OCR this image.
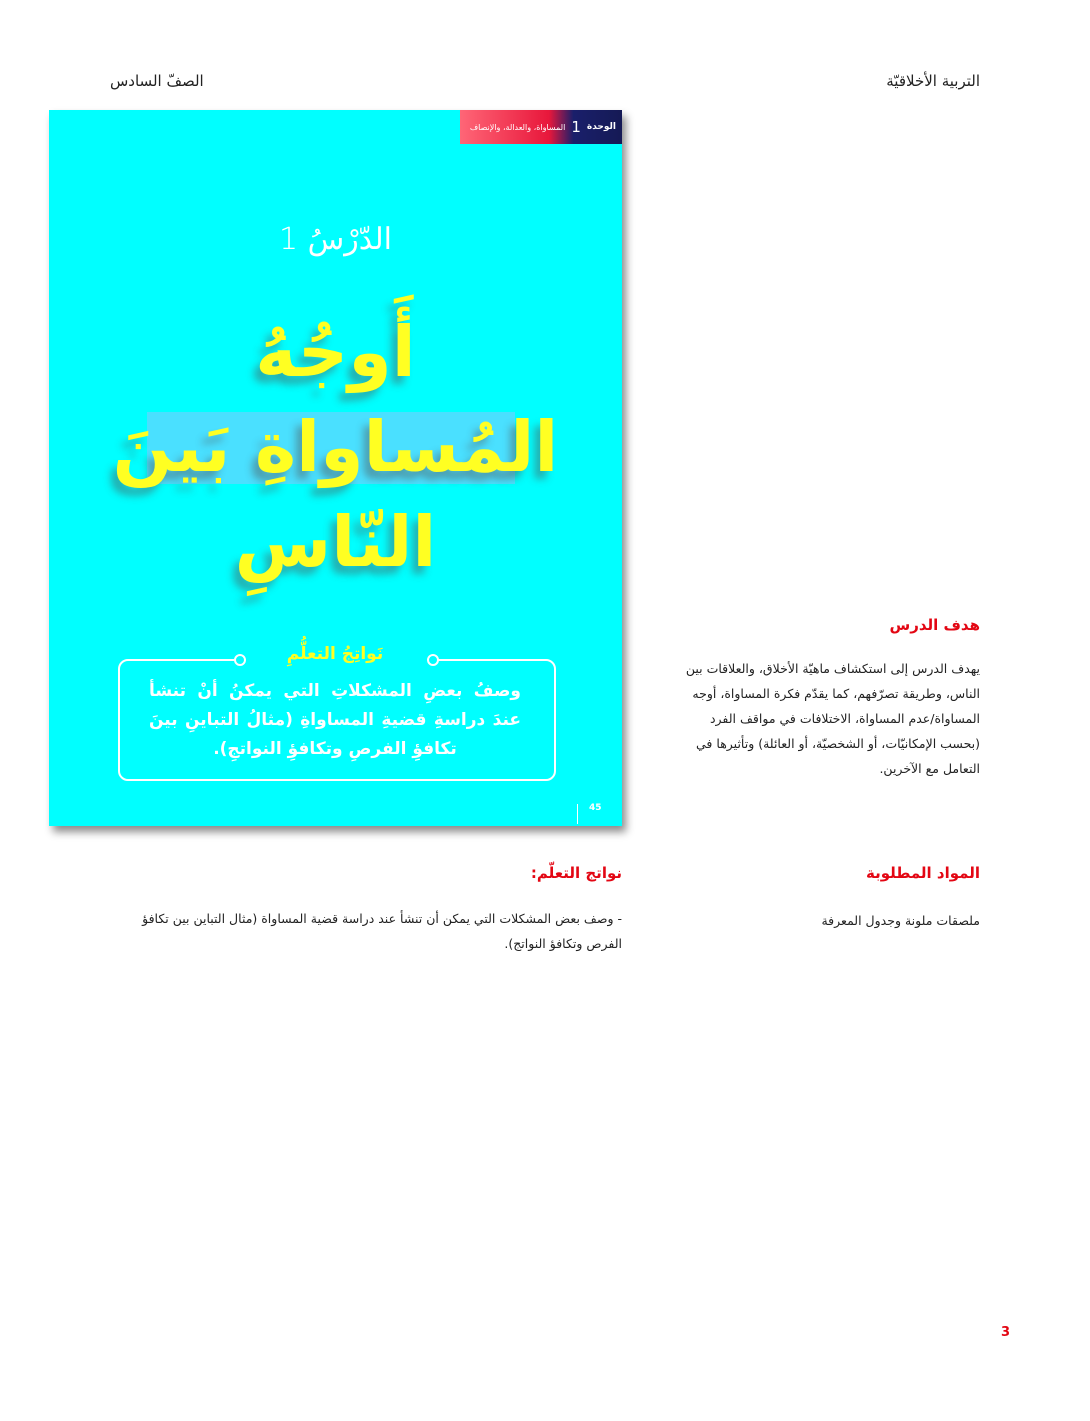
التربية الأخلاقيّة
الصفّ السادس
الوحدة
1
المساواة، والعدالة، والإنصاف
الدّرْسُ 1
أَوجُهُ
المُساواةِ بَينَ
النّاسِ
نَواتِجُ التعلُّمِ
وصفُ بعضِ المشكلاتِ التي يمكنُ أنْ تنشأ عندَ دراسةِ قضيةِ المساواةِ (مثالُ التباينِ بينَ تكافؤِ الفرصِ وتكافؤِ النواتجِ).
45
هدف الدرس
يهدف الدرس إلى استكشاف ماهيّة الأخلاق، والعلاقات بين الناس، وطريقة تصرّفهم، كما يقدّم فكرة المساواة، أوجه المساواة/عدم المساواة، الاختلافات في مواقف الفرد (بحسب الإمكانيّات، أو الشخصيّة، أو العائلة) وتأثيرها في التعامل مع الآخرين.
المواد المطلوبة
ملصقات ملونة وجدول المعرفة
نواتج التعلّم:
- وصف بعض المشكلات التي يمكن أن تنشأ عند دراسة قضية المساواة (مثال التباين بين تكافؤ الفرص وتكافؤ النواتج).
3
